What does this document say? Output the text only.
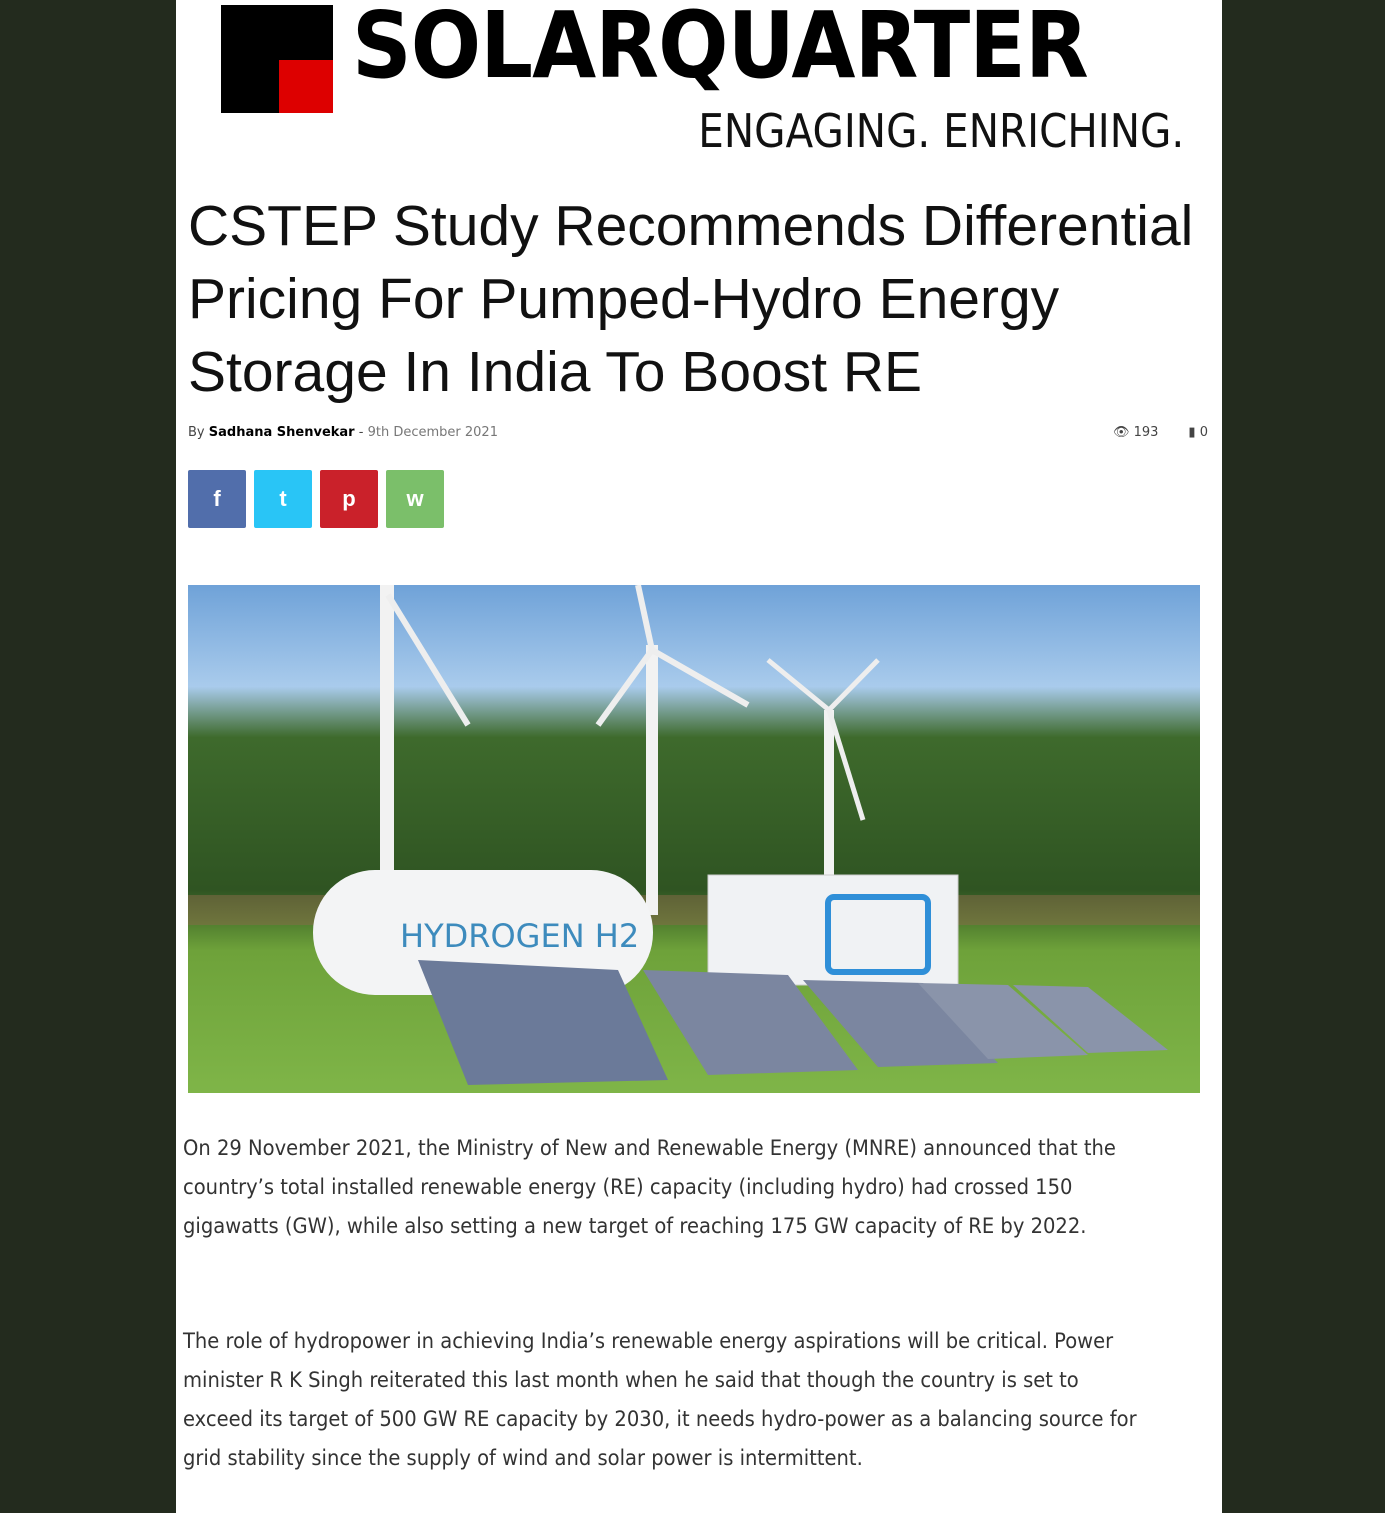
SOLARQUARTER
ENGAGING. ENRICHING.
CSTEP Study Recommends Differential Pricing For Pumped-Hydro Energy Storage In India To Boost RE
By Sadhana Shenvekar - 9th December 2021	👁 193 ▮ 0
f	t	p w
HYDROGEN H2

On 29 November 2021, the Ministry of New and Renewable Energy (MNRE) announced that the country’s total installed renewable energy (RE) capacity (including hydro) had crossed 150 gigawatts (GW), while also setting a new target of reaching 175 GW capacity of RE by 2022.

The role of hydropower in achieving India’s renewable energy aspirations will be critical. Power minister R K Singh reiterated this last month when he said that though the country is set to exceed its target of 500 GW RE capacity by 2030, it needs hydro-power as a balancing source for grid stability since the supply of wind and solar power is intermittent.
